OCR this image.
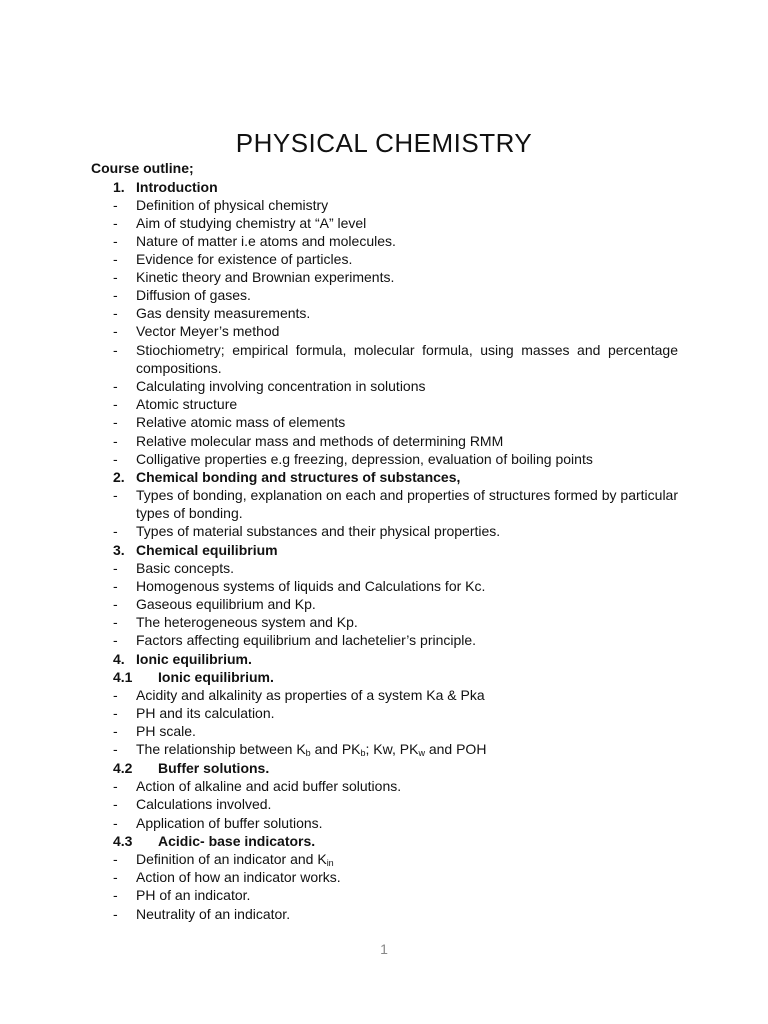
PHYSICAL CHEMISTRY

Course outline;

1. Introduction
- Definition of physical chemistry
- Aim of studying chemistry at “A” level
- Nature of matter i.e atoms and molecules.
- Evidence for existence of particles.
- Kinetic theory and Brownian experiments.
- Diffusion of gases.
- Gas density measurements.
- Vector Meyer’s method
- Stiochiometry; empirical formula, molecular formula, using masses and percentage compositions.
- Calculating involving concentration in solutions
- Atomic structure
- Relative atomic mass of elements
- Relative molecular mass and methods of determining RMM
- Colligative properties e.g freezing, depression, evaluation of boiling points
2. Chemical bonding and structures of substances,
- Types of bonding, explanation on each and properties of structures formed by particular types of bonding.
- Types of material substances and their physical properties.
3. Chemical equilibrium
- Basic concepts.
- Homogenous systems of liquids and Calculations for Kc.
- Gaseous equilibrium and Kp.
- The heterogeneous system and Kp.
- Factors affecting equilibrium and lachetelier’s principle.
4. Ionic equilibrium.
4.1 Ionic equilibrium.
- Acidity and alkalinity as properties of a system Ka & Pka
- PH and its calculation.
- PH scale.
- The relationship between $K_b$ and $PK_b$; Kw, $PK_w$ and POH
4.2 Buffer solutions.
- Action of alkaline and acid buffer solutions.
- Calculations involved.
- Application of buffer solutions.
4.3 Acidic- base indicators.
- Definition of an indicator and $K_{in}$
- Action of how an indicator works.
- PH of an indicator.
- Neutrality of an indicator.
1
